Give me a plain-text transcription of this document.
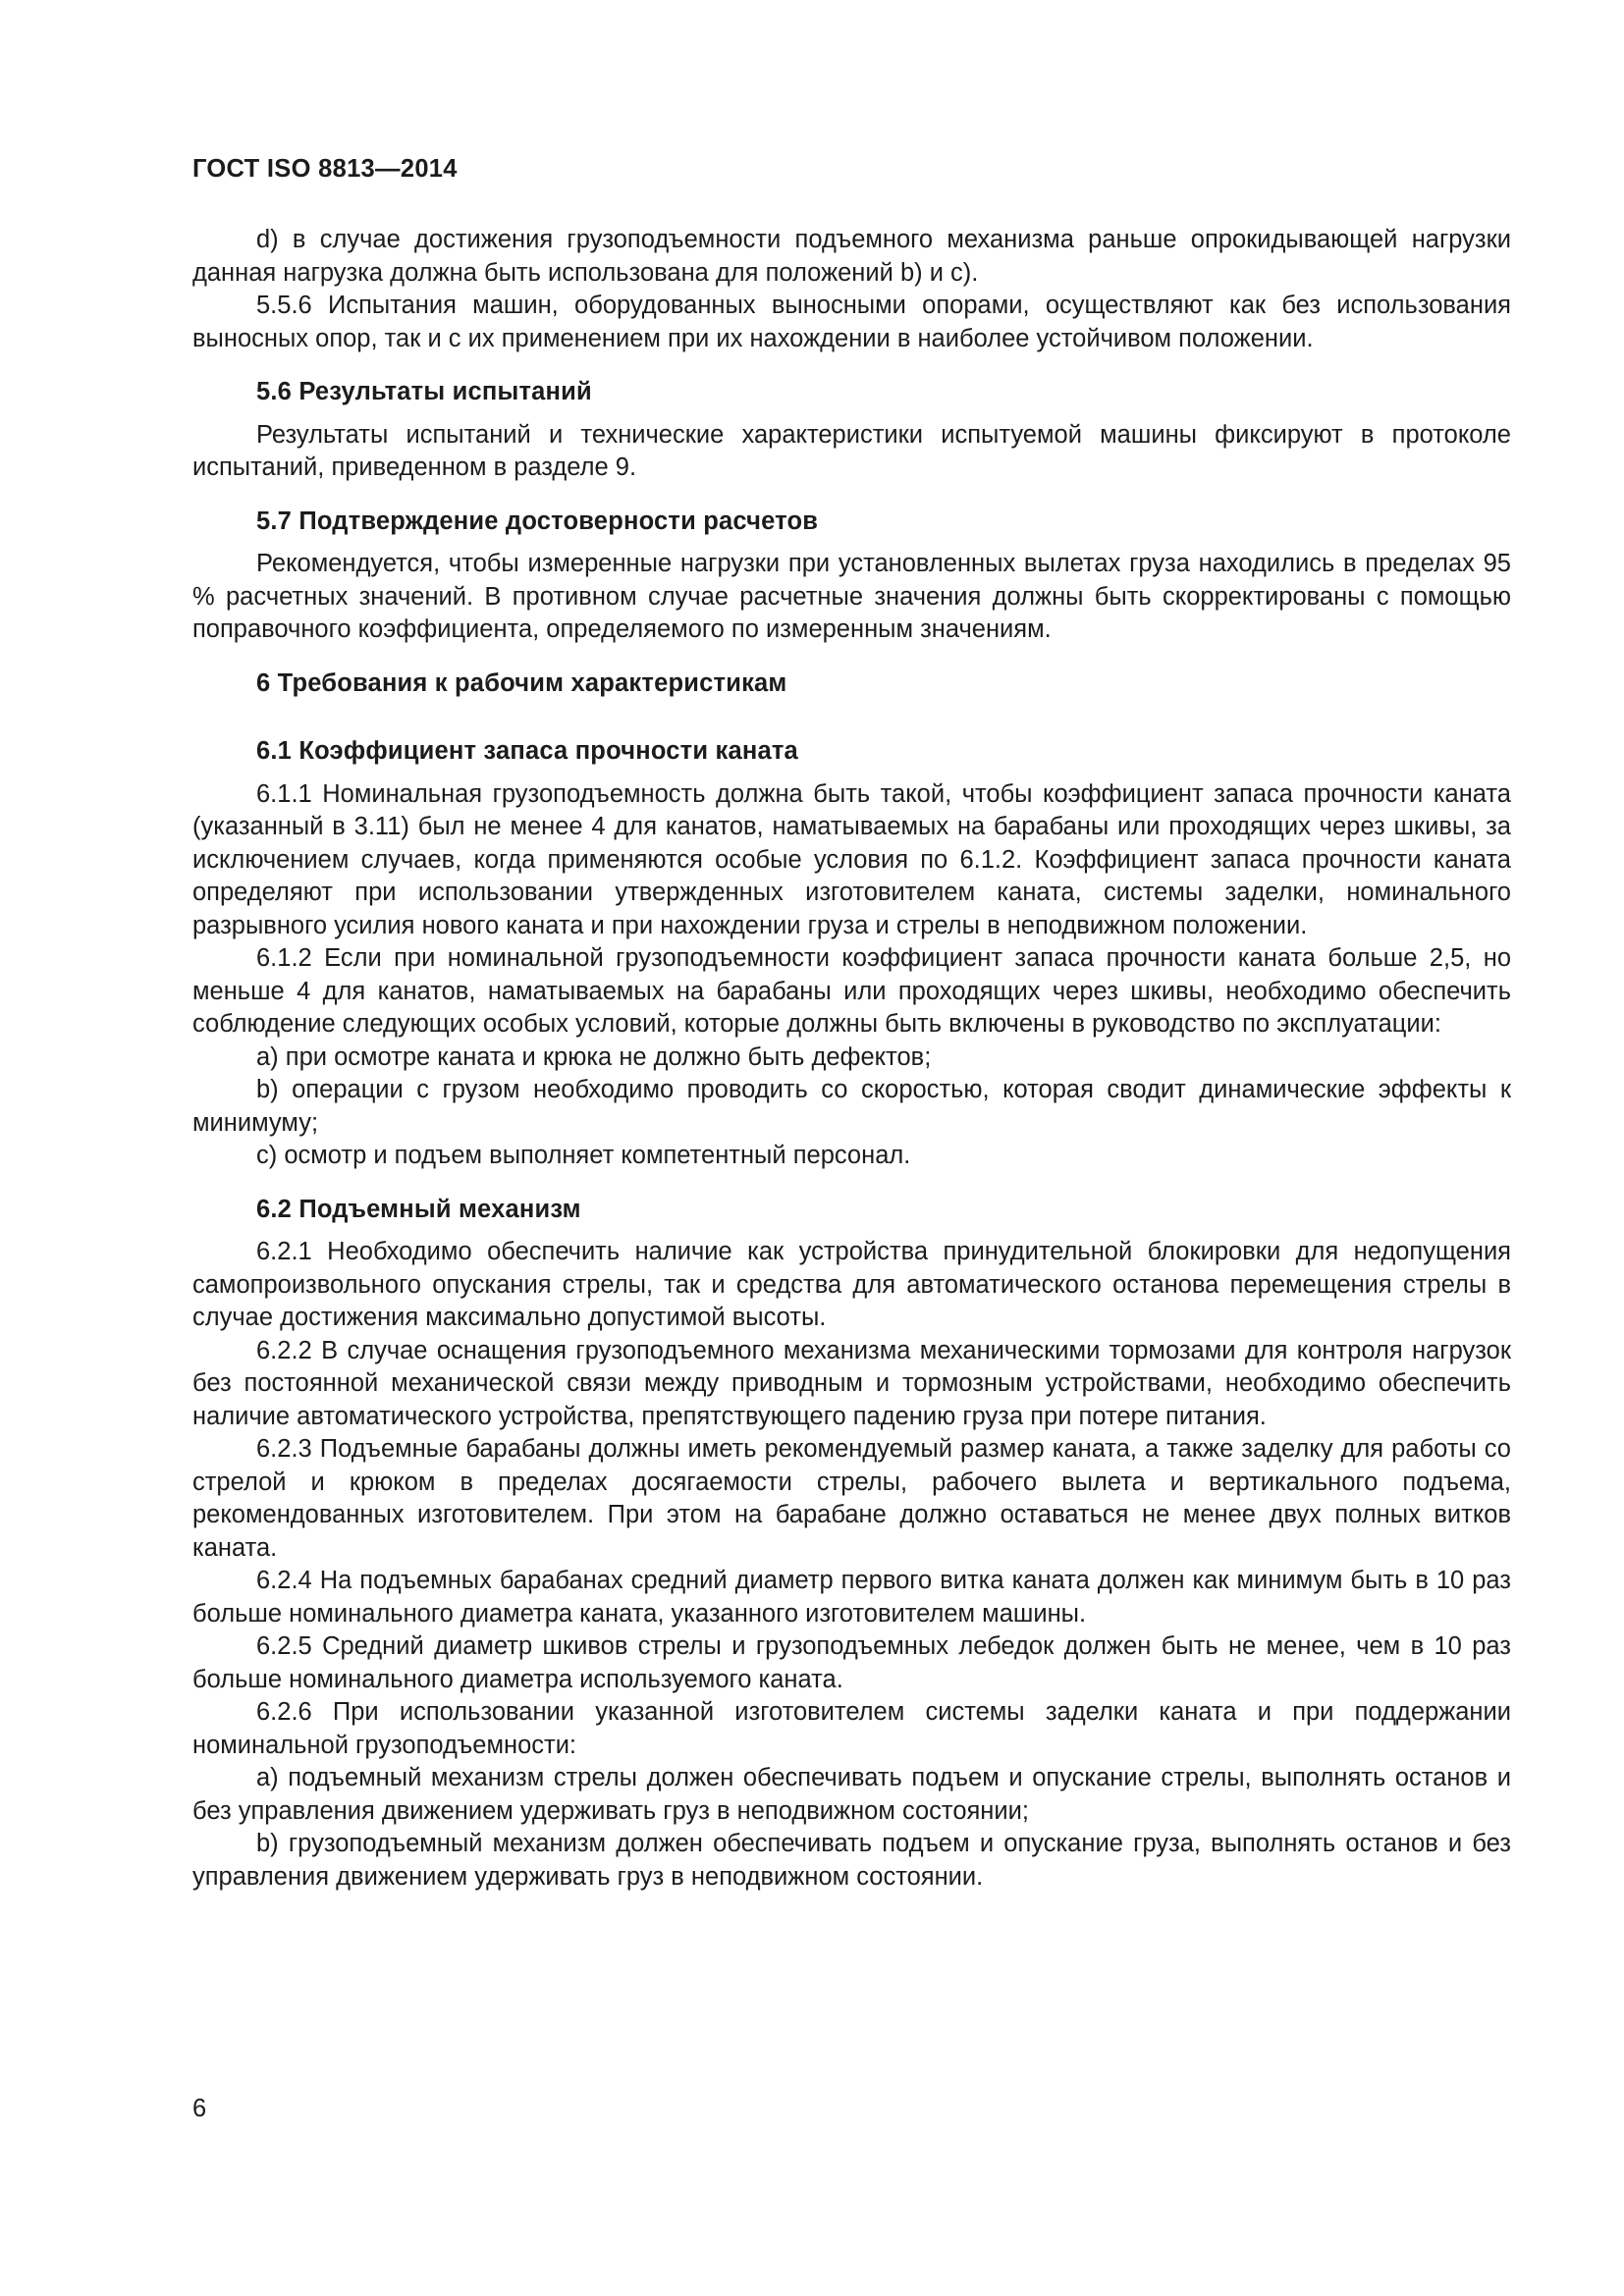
ГОСТ ISO 8813—2014

d) в случае достижения грузоподъемности подъемного механизма раньше опрокидывающей нагрузки данная нагрузка должна быть использована для положений b) и c).

5.5.6 Испытания машин, оборудованных выносными опорами, осуществляют как без использования выносных опор, так и с их применением при их нахождении в наиболее устойчивом положении.

5.6 Результаты испытаний

Результаты испытаний и технические характеристики испытуемой машины фиксируют в протоколе испытаний, приведенном в разделе 9.

5.7 Подтверждение достоверности расчетов

Рекомендуется, чтобы измеренные нагрузки при установленных вылетах груза находились в пределах 95 % расчетных значений. В противном случае расчетные значения должны быть скорректированы с помощью поправочного коэффициента, определяемого по измеренным значениям.

6 Требования к рабочим характеристикам

6.1 Коэффициент запаса прочности каната

6.1.1 Номинальная грузоподъемность должна быть такой, чтобы коэффициент запаса прочности каната (указанный в 3.11) был не менее 4 для канатов, наматываемых на барабаны или проходящих через шкивы, за исключением случаев, когда применяются особые условия по 6.1.2. Коэффициент запаса прочности каната определяют при использовании утвержденных изготовителем каната, системы заделки, номинального разрывного усилия нового каната и при нахождении груза и стрелы в неподвижном положении.

6.1.2 Если при номинальной грузоподъемности коэффициент запаса прочности каната больше 2,5, но меньше 4 для канатов, наматываемых на барабаны или проходящих через шкивы, необходимо обеспечить соблюдение следующих особых условий, которые должны быть включены в руководство по эксплуатации:

a) при осмотре каната и крюка не должно быть дефектов;

b) операции с грузом необходимо проводить со скоростью, которая сводит динамические эффекты к минимуму;

c) осмотр и подъем выполняет компетентный персонал.

6.2 Подъемный механизм

6.2.1 Необходимо обеспечить наличие как устройства принудительной блокировки для недопущения самопроизвольного опускания стрелы, так и средства для автоматического останова перемещения стрелы в случае достижения максимально допустимой высоты.

6.2.2 В случае оснащения грузоподъемного механизма механическими тормозами для контроля нагрузок без постоянной механической связи между приводным и тормозным устройствами, необходимо обеспечить наличие автоматического устройства, препятствующего падению груза при потере питания.

6.2.3 Подъемные барабаны должны иметь рекомендуемый размер каната, а также заделку для работы со стрелой и крюком в пределах досягаемости стрелы, рабочего вылета и вертикального подъема, рекомендованных изготовителем. При этом на барабане должно оставаться не менее двух полных витков каната.

6.2.4 На подъемных барабанах средний диаметр первого витка каната должен как минимум быть в 10 раз больше номинального диаметра каната, указанного изготовителем машины.

6.2.5 Средний диаметр шкивов стрелы и грузоподъемных лебедок должен быть не менее, чем в 10 раз больше номинального диаметра используемого каната.

6.2.6 При использовании указанной изготовителем системы заделки каната и при поддержании номинальной грузоподъемности:

a) подъемный механизм стрелы должен обеспечивать подъем и опускание стрелы, выполнять останов и без управления движением удерживать груз в неподвижном состоянии;

b) грузоподъемный механизм должен обеспечивать подъем и опускание груза, выполнять останов и без управления движением удерживать груз в неподвижном состоянии.

6
